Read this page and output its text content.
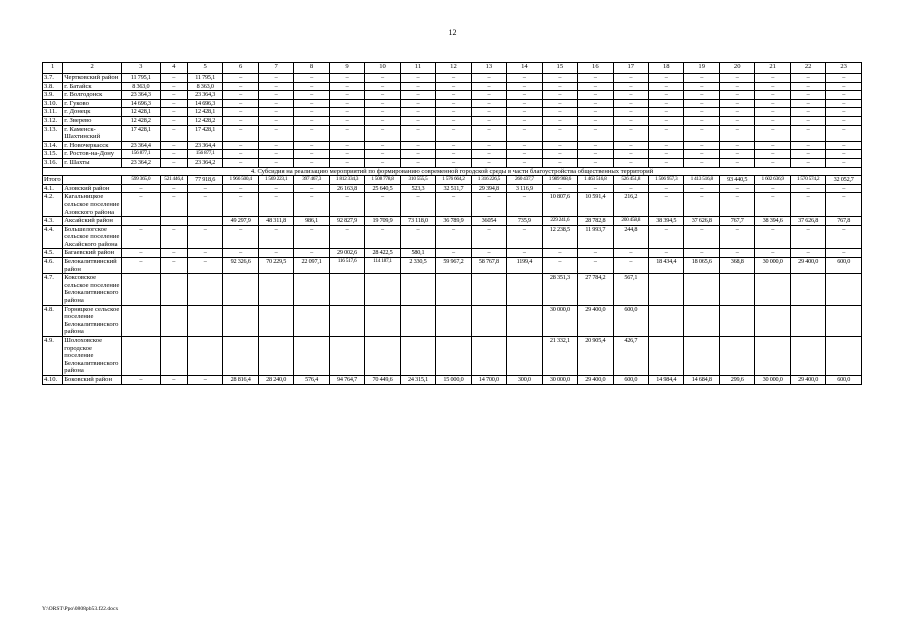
12
1	2	3	4	5	6	7	8	9	10	11	12	13	14	15	16	17	18	19	20	21	22	23
3.7.	Чертковский район	11 795,1	–	11 795,1	–	–	–	–	–	–	–	–	–	–	–	–	–	–	–	–	–	–
3.8.	г. Батайск	8 363,0	–	8 363,0	–	–	–	–	–	–	–	–	–	–	–	–	–	–	–	–	–	–
3.9.	г. Волгодонск	23 364,3	–	23 364,3	–	–	–	–	–	–	–	–	–	–	–	–	–	–	–	–	–	–
3.10.	г. Гуково	14 696,3	–	14 696,3	–	–	–	–	–	–	–	–	–	–	–	–	–	–	–	–	–	–
3.11.	г. Донецк	12 428,1	–	12 428,1	–	–	–	–	–	–	–	–	–	–	–	–	–	–	–	–	–	–
3.12.	г. Зверево	12 428,2	–	12 428,2	–	–	–	–	–	–	–	–	–	–	–	–	–	–	–	–	–	–
3.13.	г. Каменск-Шахтинский	17 428,1	–	17 428,1	–	–	–	–	–	–	–	–	–	–	–	–	–	–	–	–	–	–
3.14.	г. Новочеркасск	23 364,4	–	23 364,4	–	–	–	–	–	–	–	–	–	–	–	–	–	–	–	–	–	–
3.15.	г. Ростов-на-Дону	156 877,1	–	156 877,1	–	–	–	–	–	–	–	–	–	–	–	–	–	–	–	–	–	–
3.16.	г. Шахты	23 364,2	–	23 364,2	–	–	–	–	–	–	–	–	–	–	–	–	–	–	–	–	–	–
4. Субсидия на реализацию мероприятий по формированию современной городской среды в части благоустройства общественных территорий																						
Итого		599 365,0	521 446,4	77 918,6	1 966 500,4	1 569 223,1	397 467,3	1 812 334,3	1 508 778,8	310 555,5	1 576 664,2	1 316 226,5	260 437,7	1 989 968,6	1 463 516,8	526 451,8	1 506 957,3	1 413 516,8	93 440,5	1 602 636,9	1 570 574,2	32 052,7
4.1.	Азовский район	–	–	–	–	–	–	26 163,8	25 640,5	523,3	32 511,7	29 394,8	3 116,9	–	–	–	–	–	–	–	–	–
4.2.	Кагальницкое сельское поселение Азовского района	–	–	–	–	–	–	–	–	–	–	–	–	10 807,6	10 591,4	216,2	–	–	–	–	–	–
4.3.	Аксайский район				49 297,9	48 311,8	986,1	92 827,9	19 709,9	73 118,0	36 789,9	36054	735,9	229 241,6	28 782,8	200 458,8	38 394,5	37 626,8	767,7	38 394,6	37 626,8	767,8
4.4.	Большелогское сельское поселение Аксайского района	–	–	–	–	–	–	–	–	–	–	–	–	12 238,5	11 993,7	244,8	–	–	–	–	–	–
4.5.	Багаевский район	–	–	–	–	–	–	29 002,6	28 422,5	580,1	–	–	–	–	–	–	–	–	–	–	–	–
4.6.	Белокалитвинский район	–	–	–	92 326,6	70 229,5	22 097,1	116 517,6	114 187,1	2 330,5	59 967,2	58 767,8	1199,4	–	–	–	18 434,4	18 065,6	368,8	30 000,0	29 400,0	600,0
4.7.	Коксовское сельское поселение Белокалитвинского района													28 351,3	27 784,2	567,1						
4.8.	Горняцкое сельское поселение Белокалитвинского района													30 000,0	29 400,0	600,0						
4.9.	Шолоховское городское поселение Белокалитвинского района													21 332,1	20 905,4	426,7						
4.10.	Боковский район	–	–	–	28 816,4	28 240,0	576,4	94 764,7	70 449,6	24 315,1	15 000,0	14 700,0	300,0	30 000,0	29 400,0	600,0	14 984,4	14 684,8	299,6	30 000,0	29 400,0	600,0
Y:\ORST\Ppo\0808pb53.f22.docx
